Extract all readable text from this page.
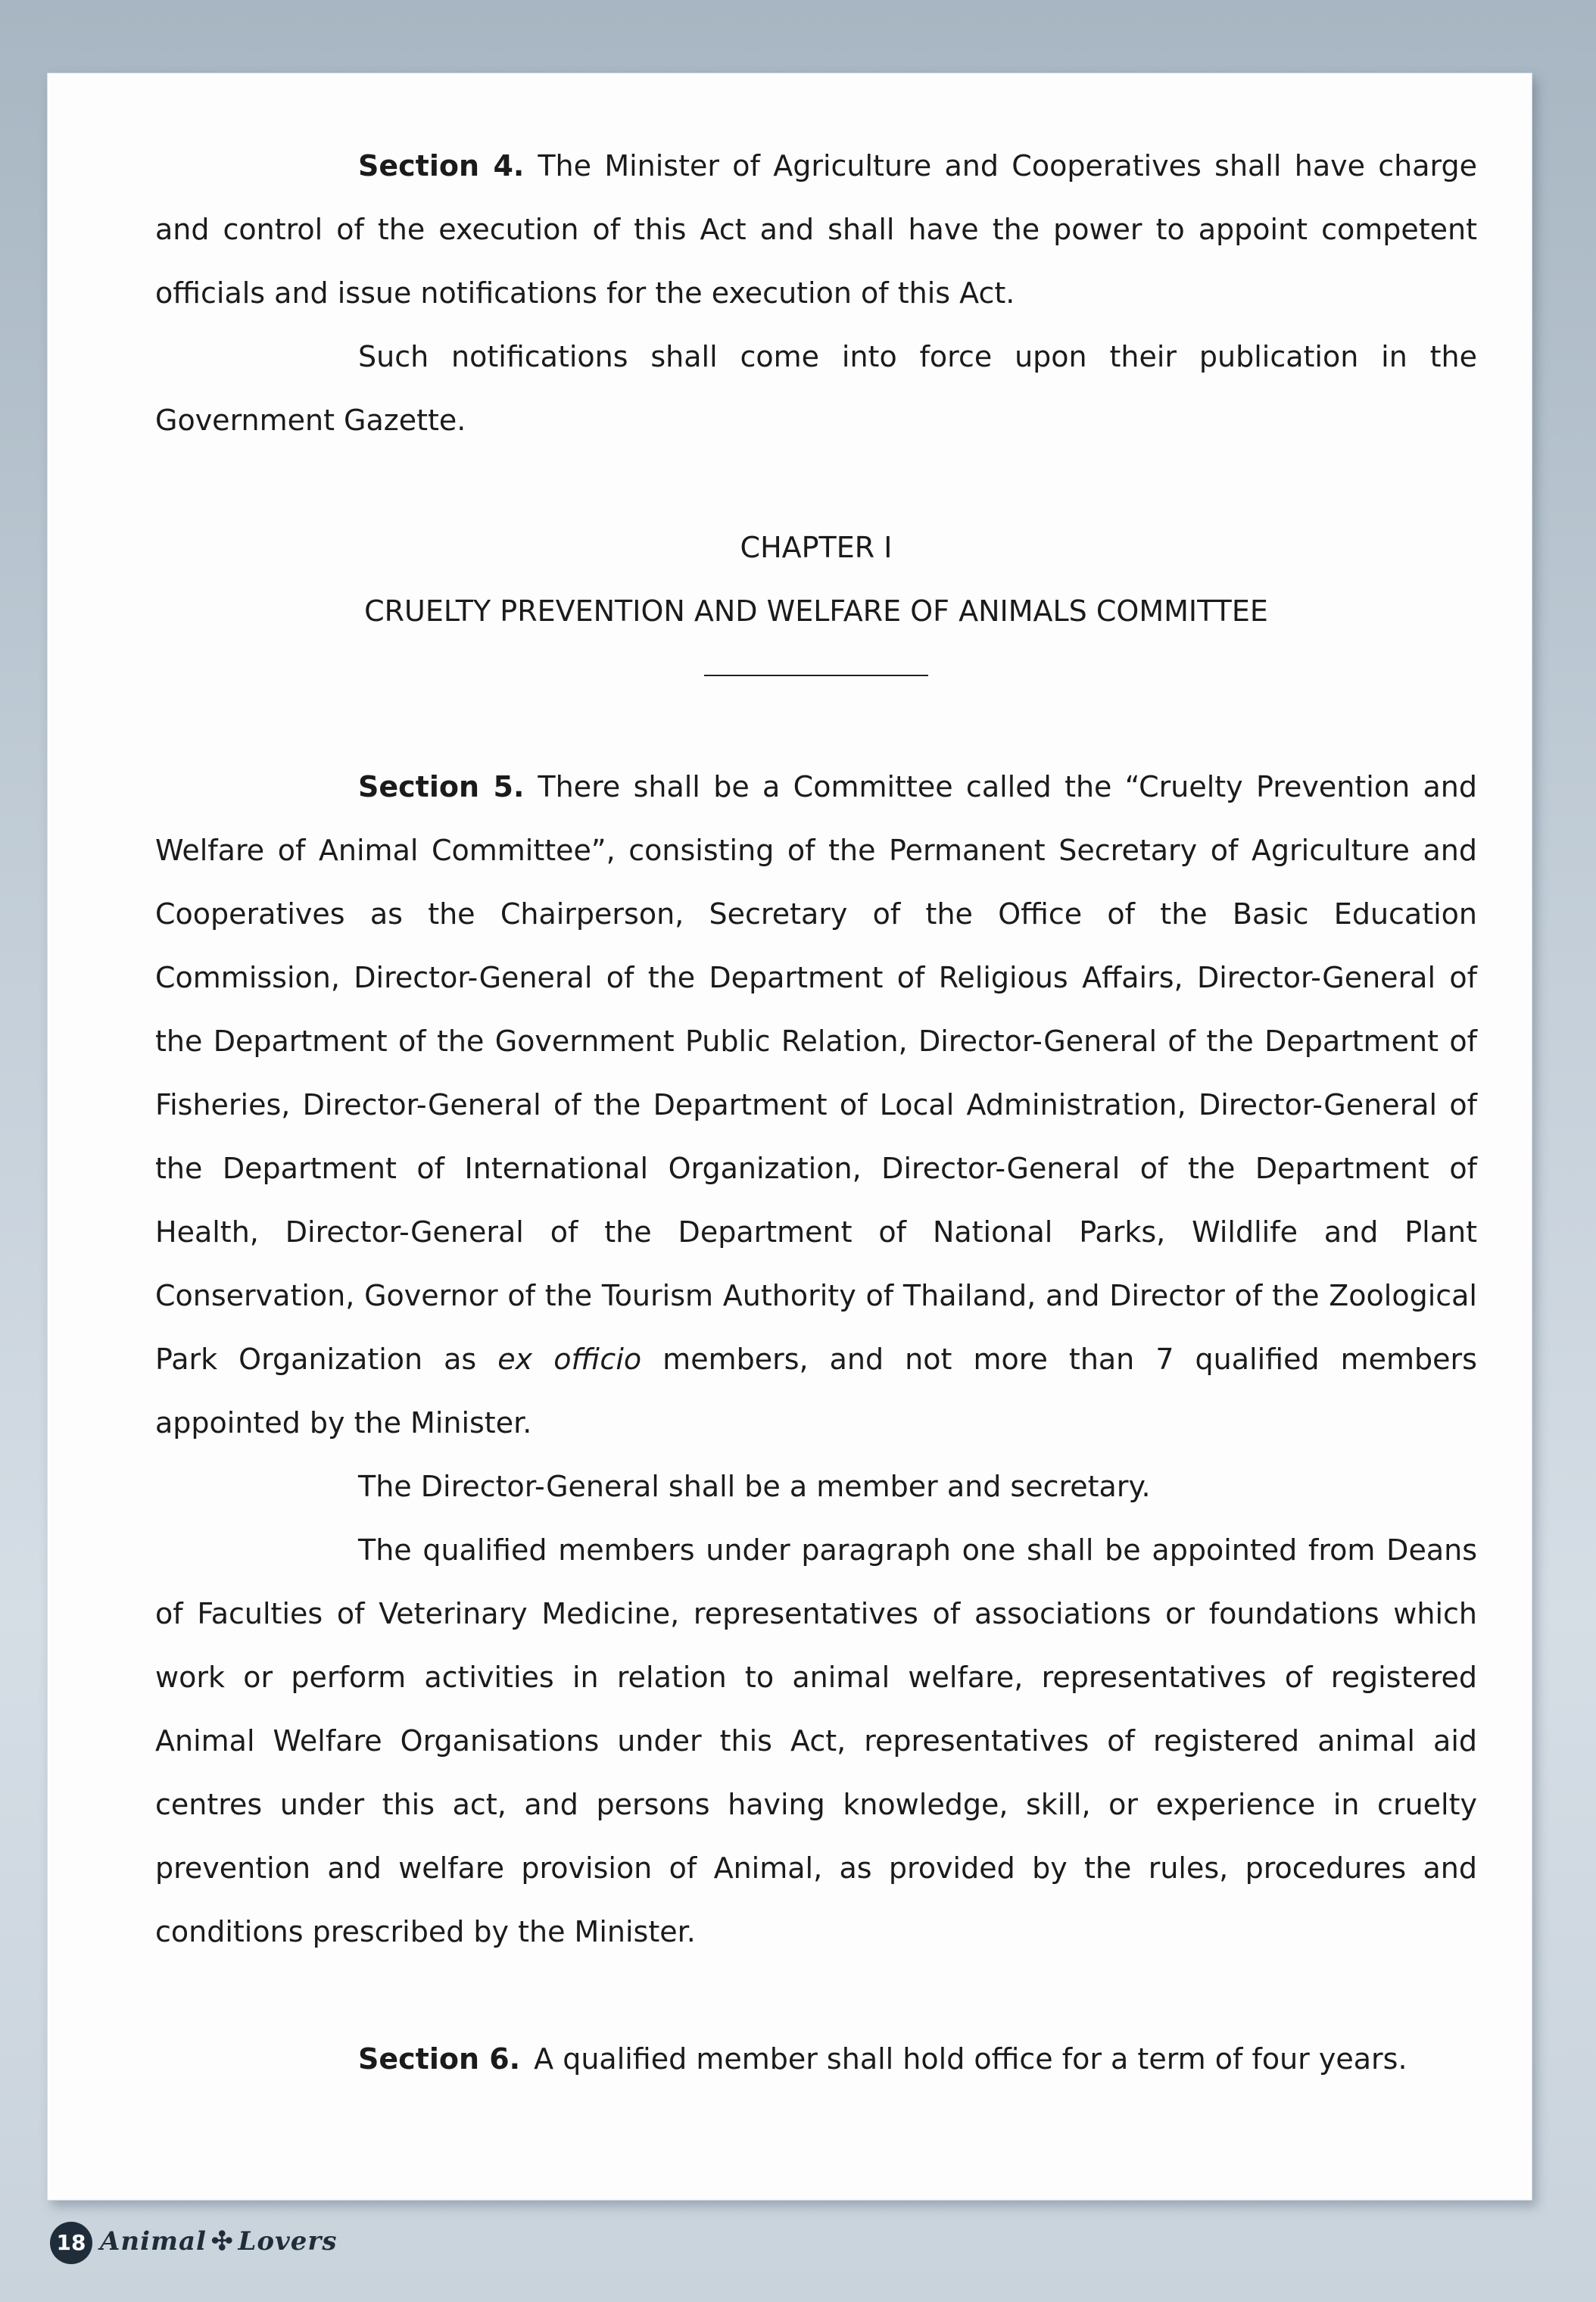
Section 4. The Minister of Agriculture and Cooperatives shall have charge and control of the execution of this Act and shall have the power to appoint competent officials and issue notifications for the execution of this Act.

Such notifications shall come into force upon their publication in the Government Gazette.

CHAPTER I

CRUELTY PREVENTION AND WELFARE OF ANIMALS COMMITTEE

Section 5. There shall be a Committee called the “Cruelty Prevention and Welfare of Animal Committee”, consisting of the Permanent Secretary of Agriculture and Cooperatives as the Chairperson, Secretary of the Office of the Basic Education Commission, Director-General of the Department of Religious Affairs, Director-General of the Department of the Government Public Relation, Director-General of the Department of Fisheries, Director-General of the Department of Local Administration, Director-General of the Department of International Organization, Director-General of the Department of Health, Director-General of the Department of National Parks, Wildlife and Plant Conservation, Governor of the Tourism Authority of Thailand, and Director of the Zoological Park Organization as ex officio members, and not more than 7 qualified members appointed by the Minister.

The Director-General shall be a member and secretary.

The qualified members under paragraph one shall be appointed from Deans of Faculties of Veterinary Medicine, representatives of associations or foundations which work or perform activities in relation to animal welfare, representatives of registered Animal Welfare Organisations under this Act, representatives of registered animal aid centres under this act, and persons having knowledge, skill, or experience in cruelty prevention and welfare provision of Animal, as provided by the rules, procedures and conditions prescribed by the Minister.

Section 6. A qualified member shall hold office for a term of four years.

18 Animal ✣ Lovers
